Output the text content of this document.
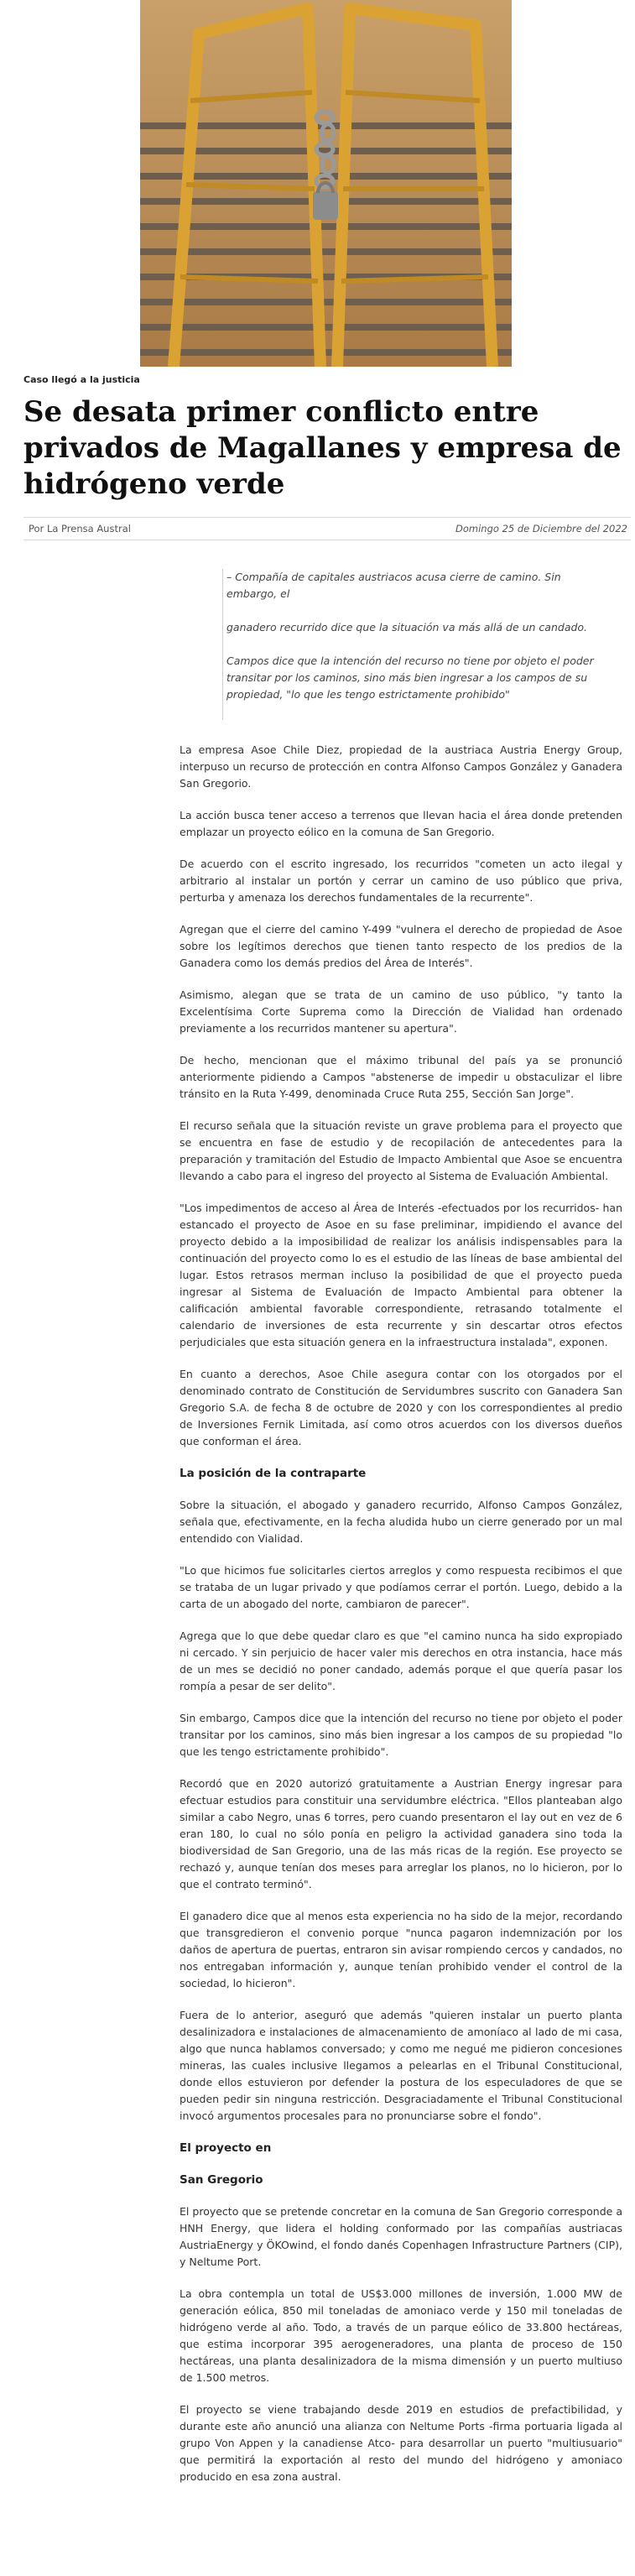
Caso llegó a la justicia

Se desata primer conflicto entre privados de Magallanes y empresa de hidrógeno verde
Por La Prensa Austral	Domingo 25 de Diciembre del 2022

– Compañía de capitales austriacos acusa cierre de camino. Sin embargo, el

ganadero recurrido dice que la situación va más allá de un candado.

Campos dice que la intención del recurso no tiene por objeto el poder transitar por los caminos, sino más bien ingresar a los campos de su propiedad, "lo que les tengo estrictamente prohibido"

La empresa Asoe Chile Diez, propiedad de la austriaca Austria Energy Group, interpuso un recurso de protección en contra Alfonso Campos González y Ganadera San Gregorio.

La acción busca tener acceso a terrenos que llevan hacia el área donde pretenden emplazar un proyecto eólico en la comuna de San Gregorio.

De acuerdo con el escrito ingresado, los recurridos "cometen un acto ilegal y arbitrario al instalar un portón y cerrar un camino de uso público que priva, perturba y amenaza los derechos fundamentales de la recurrente".

Agregan que el cierre del camino Y-499 "vulnera el derecho de propiedad de Asoe sobre los legítimos derechos que tienen tanto respecto de los predios de la Ganadera como los demás predios del Área de Interés".

Asimismo, alegan que se trata de un camino de uso público, "y tanto la Excelentísima Corte Suprema como la Dirección de Vialidad han ordenado previamente a los recurridos mantener su apertura".

De hecho, mencionan que el máximo tribunal del país ya se pronunció anteriormente pidiendo a Campos "abstenerse de impedir u obstaculizar el libre tránsito en la Ruta Y-499, denominada Cruce Ruta 255, Sección San Jorge".

El recurso señala que la situación reviste un grave problema para el proyecto que se encuentra en fase de estudio y de recopilación de antecedentes para la preparación y tramitación del Estudio de Impacto Ambiental que Asoe se encuentra llevando a cabo para el ingreso del proyecto al Sistema de Evaluación Ambiental.

"Los impedimentos de acceso al Área de Interés -efectuados por los recurridos- han estancado el proyecto de Asoe en su fase preliminar, impidiendo el avance del proyecto debido a la imposibilidad de realizar los análisis indispensables para la continuación del proyecto como lo es el estudio de las líneas de base ambiental del lugar. Estos retrasos merman incluso la posibilidad de que el proyecto pueda ingresar al Sistema de Evaluación de Impacto Ambiental para obtener la calificación ambiental favorable correspondiente, retrasando totalmente el calendario de inversiones de esta recurrente y sin descartar otros efectos perjudiciales que esta situación genera en la infraestructura instalada", exponen.

En cuanto a derechos, Asoe Chile asegura contar con los otorgados por el denominado contrato de Constitución de Servidumbres suscrito con Ganadera San Gregorio S.A. de fecha 8 de octubre de 2020 y con los correspondientes al predio de Inversiones Fernik Limitada, así como otros acuerdos con los diversos dueños que conforman el área.

La posición de la contraparte

Sobre la situación, el abogado y ganadero recurrido, Alfonso Campos González, señala que, efectivamente, en la fecha aludida hubo un cierre generado por un mal entendido con Vialidad.

"Lo que hicimos fue solicitarles ciertos arreglos y como respuesta recibimos el que se trataba de un lugar privado y que podíamos cerrar el portón. Luego, debido a la carta de un abogado del norte, cambiaron de parecer".

Agrega que lo que debe quedar claro es que "el camino nunca ha sido expropiado ni cercado. Y sin perjuicio de hacer valer mis derechos en otra instancia, hace más de un mes se decidió no poner candado, además porque el que quería pasar los rompía a pesar de ser delito".

Sin embargo, Campos dice que la intención del recurso no tiene por objeto el poder transitar por los caminos, sino más bien ingresar a los campos de su propiedad "lo que les tengo estrictamente prohibido".

Recordó que en 2020 autorizó gratuitamente a Austrian Energy ingresar para efectuar estudios para constituir una servidumbre eléctrica. "Ellos planteaban algo similar a cabo Negro, unas 6 torres, pero cuando presentaron el lay out en vez de 6 eran 180, lo cual no sólo ponía en peligro la actividad ganadera sino toda la biodiversidad de San Gregorio, una de las más ricas de la región. Ese proyecto se rechazó y, aunque tenían dos meses para arreglar los planos, no lo hicieron, por lo que el contrato terminó".

El ganadero dice que al menos esta experiencia no ha sido de la mejor, recordando que transgredieron el convenio porque "nunca pagaron indemnización por los daños de apertura de puertas, entraron sin avisar rompiendo cercos y candados, no nos entregaban información y, aunque tenían prohibido vender el control de la sociedad, lo hicieron".

Fuera de lo anterior, aseguró que además "quieren instalar un puerto planta desalinizadora e instalaciones de almacenamiento de amoníaco al lado de mi casa, algo que nunca hablamos conversado; y como me negué me pidieron concesiones mineras, las cuales inclusive llegamos a pelearlas en el Tribunal Constitucional, donde ellos estuvieron por defender la postura de los especuladores de que se pueden pedir sin ninguna restricción. Desgraciadamente el Tribunal Constitucional invocó argumentos procesales para no pronunciarse sobre el fondo".

El proyecto en
San Gregorio

El proyecto que se pretende concretar en la comuna de San Gregorio corresponde a HNH Energy, que lidera el holding conformado por las compañías austriacas AustriaEnergy y ÖKOwind, el fondo danés Copenhagen Infrastructure Partners (CIP), y Neltume Port.

La obra contempla un total de US$3.000 millones de inversión, 1.000 MW de generación eólica, 850 mil toneladas de amoniaco verde y 150 mil toneladas de hidrógeno verde al año. Todo, a través de un parque eólico de 33.800 hectáreas, que estima incorporar 395 aerogeneradores, una planta de proceso de 150 hectáreas, una planta desalinizadora de la misma dimensión y un puerto multiuso de 1.500 metros.

El proyecto se viene trabajando desde 2019 en estudios de prefactibilidad, y durante este año anunció una alianza con Neltume Ports -firma portuaria ligada al grupo Von Appen y la canadiense Atco- para desarrollar un puerto "multiusuario" que permitirá la exportación al resto del mundo del hidrógeno y amoniaco producido en esa zona austral.
